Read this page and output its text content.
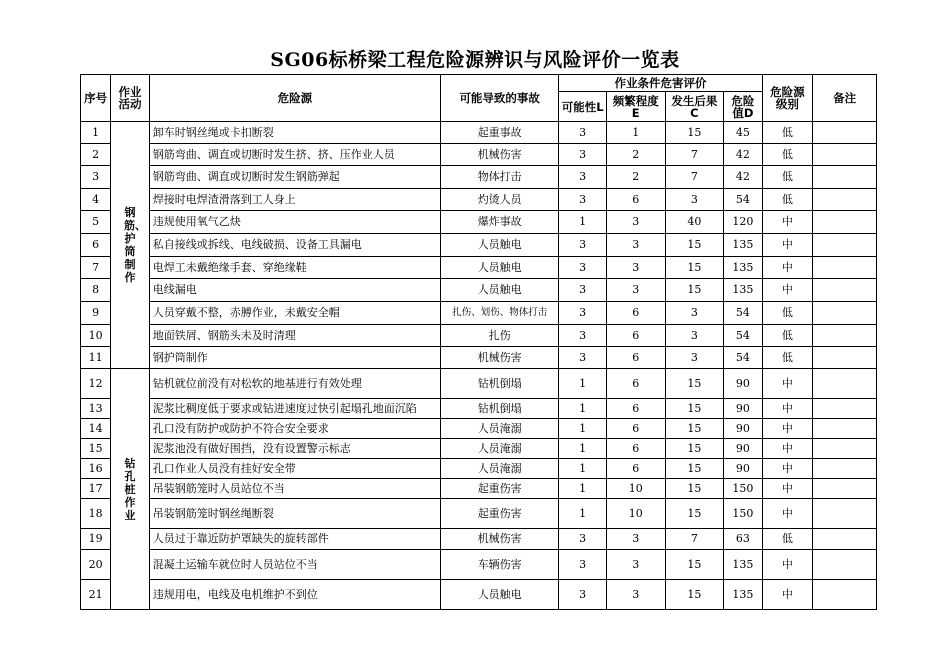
SG06标桥梁工程危险源辨识与风险评价一览表
序号	作业活动	危险源	可能导致的事故	作业条件危害评价				危险源级别	备注
				可能性L	频繁程度E	发生后果C	危险值D		
1	钢筋、护筒制作	卸车时钢丝绳或卡扣断裂	起重事故	3	1	15	45	低	
2		钢筋弯曲、调直或切断时发生挤、挤、压作业人员	机械伤害	3	2	7	42	低	
3		钢筋弯曲、调直或切断时发生钢筋弹起	物体打击	3	2	7	42	低	
4		焊接时电焊渣滑落到工人身上	灼烫人员	3	6	3	54	低	
5		违规使用氧气乙炔	爆炸事故	1	3	40	120	中	
6		私自接线或拆线、电线破损、设备工具漏电	人员触电	3	3	15	135	中	
7		电焊工未戴绝缘手套、穿绝缘鞋	人员触电	3	3	15	135	中	
8		电线漏电	人员触电	3	3	15	135	中	
9		人员穿戴不整，赤膊作业，未戴安全帽	扎伤、划伤、物体打击	3	6	3	54	低	
10		地面铁屑、钢筋头未及时清理	扎伤	3	6	3	54	低	
11		钢护筒制作	机械伤害	3	6	3	54	低	
12	钻孔桩作业	钻机就位前没有对松软的地基进行有效处理	钻机倒塌	1	6	15	90	中	
13		泥浆比稠度低于要求或钻进速度过快引起塌孔地面沉陷	钻机倒塌	1	6	15	90	中	
14		孔口没有防护或防护不符合安全要求	人员淹溺	1	6	15	90	中	
15		泥浆池没有做好围挡，没有设置警示标志	人员淹溺	1	6	15	90	中	
16		孔口作业人员没有挂好安全带	人员淹溺	1	6	15	90	中	
17		吊装钢筋笼时人员站位不当	起重伤害	1	10	15	150	中	
18		吊装钢筋笼时钢丝绳断裂	起重伤害	1	10	15	150	中	
19		人员过于靠近防护罩缺失的旋转部件	机械伤害	3	3	7	63	低	
20		混凝土运输车就位时人员站位不当	车辆伤害	3	3	15	135	中	
21		违规用电，电线及电机维护不到位	人员触电	3	3	15	135	中	
